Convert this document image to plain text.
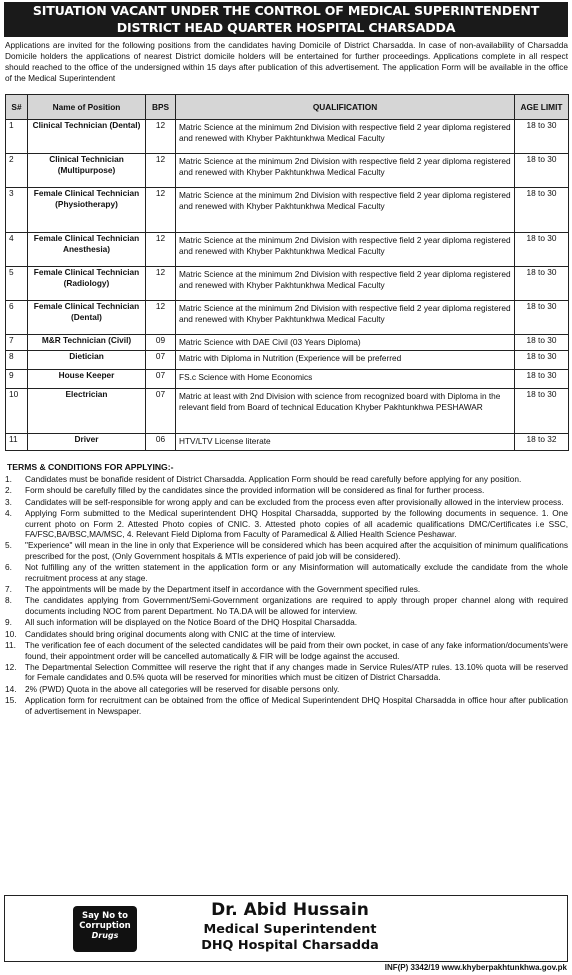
SITUATION VACANT UNDER THE CONTROL OF MEDICAL SUPERINTENDENT
DISTRICT HEAD QUARTER HOSPITAL CHARSADDA
Applications are invited for the following positions from the candidates having Domicile of District Charsadda. In case of non-availability of Charsadda Domicile holders the applications of nearest District domicile holders will be entertained for further proceedings. Applications complete in all respect should reached to the office of the undersigned within 15 days after publication of this advertisement. The application Form will be available in the office of the Medical Superintendent
S#	Name of Position	BPS	QUALIFICATION	AGE LIMIT
1	Clinical Technician (Dental)	12	Matric Science at the minimum 2nd Division with respective field 2 year diploma registered and renewed with Khyber Pakhtunkhwa Medical Faculty	18 to 30
2	Clinical Technician (Multipurpose)	12	Matric Science at the minimum 2nd Division with respective field 2 year diploma registered and renewed with Khyber Pakhtunkhwa Medical Faculty	18 to 30
3	Female Clinical Technician (Physiotherapy)	12	Matric Science at the minimum 2nd Division with respective field 2 year diploma registered and renewed with Khyber Pakhtunkhwa Medical Faculty	18 to 30
4	Female Clinical Technician Anesthesia)	12	Matric Science at the minimum 2nd Division with respective field 2 year diploma registered and renewed with Khyber Pakhtunkhwa Medical Faculty	18 to 30
5	Female Clinical Technician (Radiology)	12	Matric Science at the minimum 2nd Division with respective field 2 year diploma registered and renewed with Khyber Pakhtunkhwa Medical Faculty	18 to 30
6	Female Clinical Technician (Dental)	12	Matric Science at the minimum 2nd Division with respective field 2 year diploma registered and renewed with Khyber Pakhtunkhwa Medical Faculty	18 to 30
7	M&R Technician (Civil)	09	Matric Science with DAE Civil (03 Years Diploma)	18 to 30
8	Dietician	07	Matric with Diploma in Nutrition (Experience will be preferred	18 to 30
9	House Keeper	07	FS.c Science with Home Economics	18 to 30
10	Electrician	07	Matric at least with 2nd Division with science from recognized board with Diploma in the relevant field from Board of technical Education Khyber Pakhtunkhwa PESHAWAR	18 to 30
11	Driver	06	HTV/LTV License literate	18 to 32
TERMS & CONDITIONS FOR APPLYING:-
1.	Candidates must be bonafide resident of District Charsadda. Application Form should be read carefully before applying for any position.
2.	Form should be carefully filled by the candidates since the provided information will be considered as final for further process.
3.	Candidates will be self-responsible for wrong apply and can be excluded from the process even after provisionally allowed in the interview process.
4.	Applying Form submitted to the Medical superintendent DHQ Hospital Charsadda, supported by the following documents in sequence. 1. One current photo on Form 2. Attested Photo copies of CNIC. 3. Attested photo copies of all academic qualifications DMC/Certificates i.e SSC, FA/FSC,BA/BSC,MA/MSC, 4. Relevant Field Diploma from Faculty of Paramedical & Allied Health Science Peshawar.
5.	"Experience" will mean in the line in only that Experience will be considered which has been acquired after the acquisition of minimum qualifications prescribed for the post, (Only Government hospitals & MTIs experience of paid job will be considered).
6.	Not fulfilling any of the written statement in the application form or any Misinformation will automatically exclude the candidate from the whole recruitment process at any stage.
7.	The appointments will be made by the Department itself in accordance with the Government specified rules.
8.	The candidates applying from Government/Semi-Government organizations are required to apply through proper channel along with required documents including NOC from parent Department. No TA.DA will be allowed for interview.
9.	All such information will be displayed on the Notice Board of the DHQ Hospital Charsadda.
10.	Candidates should bring original documents along with CNIC at the time of interview.
11.	The verification fee of each document of the selected candidates will be paid from their own pocket, in case of any fake information/documents'were found, their appointment order will be cancelled automatically & FIR will be lodge against the accused.
12.	The Departmental Selection Committee will reserve the right that if any changes made in Service Rules/ATP rules. 13.10% quota will be reserved for Female candidates and 0.5% quota will be reserved for minorities which must be citizen of District Charsadda.
14.	2% (PWD) Quota in the above all categories will be reserved for disable persons only.
15.	Application form for recruitment can be obtained from the office of Medical Superintendent DHQ Hospital Charsadda in office hour after publication of advertisement in Newspaper.
Say No to
Corruption
Drugs
Dr. Abid Hussain
Medical Superintendent
DHQ Hospital Charsadda
INF(P) 3342/19 www.khyberpakhtunkhwa.gov.pk
